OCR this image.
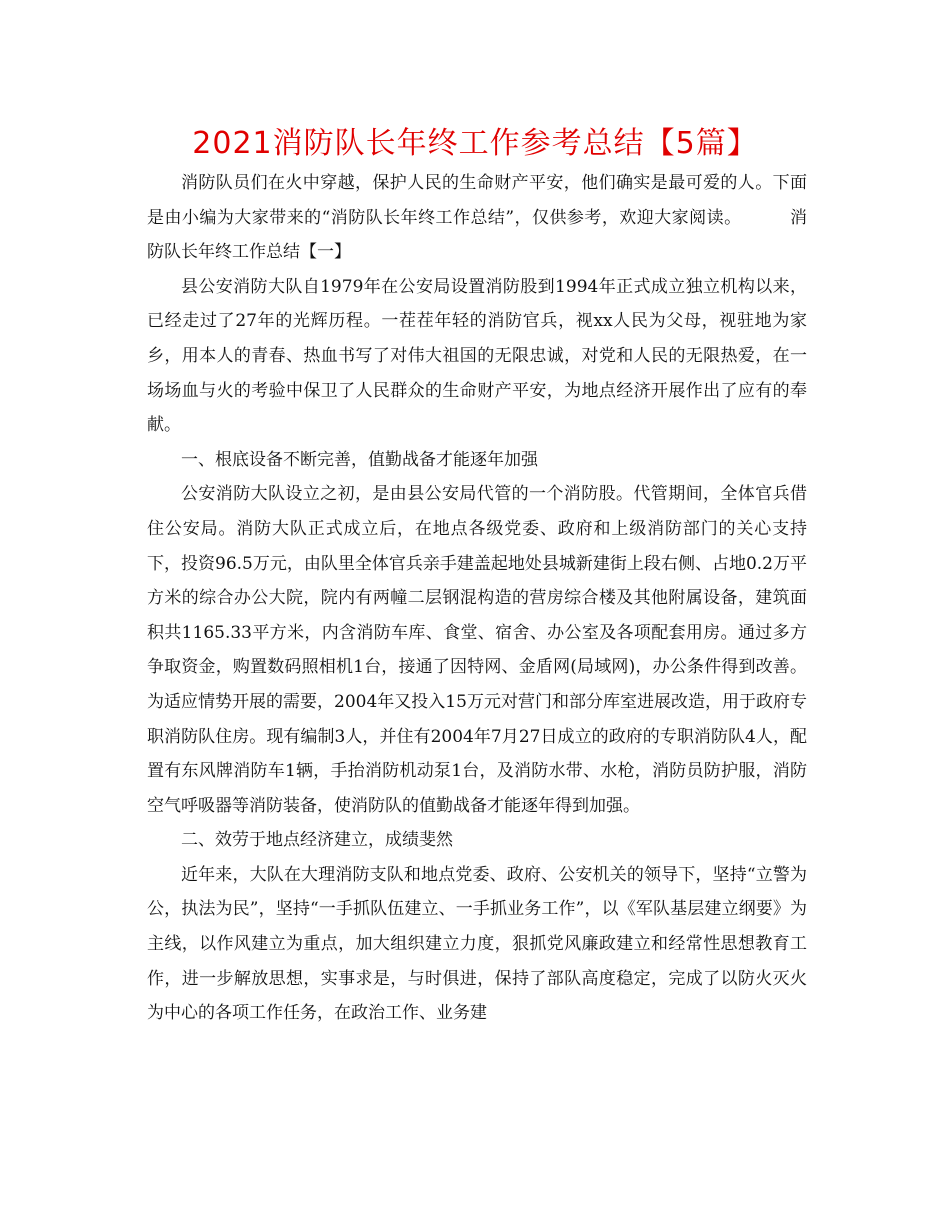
2021消防队长年终工作参考总结【5篇】

消防队员们在火中穿越，保护人民的生命财产平安，他们确实是最可爱的人。下面是由小编为大家带来的“消防队长年终工作总结”，仅供参考，欢迎大家阅读。	消防队长年终工作总结【一】

县公安消防大队自1979年在公安局设置消防股到1994年正式成立独立机构以来，已经走过了27年的光辉历程。一茬茬年轻的消防官兵，视xx人民为父母，视驻地为家乡，用本人的青春、热血书写了对伟大祖国的无限忠诚，对党和人民的无限热爱，在一场场血与火的考验中保卫了人民群众的生命财产平安，为地点经济开展作出了应有的奉献。

一、根底设备不断完善，值勤战备才能逐年加强

公安消防大队设立之初，是由县公安局代管的一个消防股。代管期间，全体官兵借住公安局。消防大队正式成立后，在地点各级党委、政府和上级消防部门的关心支持下，投资96.5万元，由队里全体官兵亲手建盖起地处县城新建街上段右侧、占地0.2万平方米的综合办公大院，院内有两幢二层钢混构造的营房综合楼及其他附属设备，建筑面积共1165.33平方米，内含消防车库、食堂、宿舍、办公室及各项配套用房。通过多方争取资金，购置数码照相机1台，接通了因特网、金盾网(局域网)，办公条件得到改善。为适应情势开展的需要，2004年又投入15万元对营门和部分库室进展改造，用于政府专职消防队住房。现有编制3人，并住有2004年7月27日成立的政府的专职消防队4人，配置有东风牌消防车1辆，手抬消防机动泵1台，及消防水带、水枪，消防员防护服，消防空气呼吸器等消防装备，使消防队的值勤战备才能逐年得到加强。

二、效劳于地点经济建立，成绩斐然

近年来，大队在大理消防支队和地点党委、政府、公安机关的领导下，坚持“立警为公，执法为民”，坚持“一手抓队伍建立、一手抓业务工作”，以《军队基层建立纲要》为主线，以作风建立为重点，加大组织建立力度，狠抓党风廉政建立和经常性思想教育工作，进一步解放思想，实事求是，与时俱进，保持了部队高度稳定，完成了以防火灭火为中心的各项工作任务，在政治工作、业务建
